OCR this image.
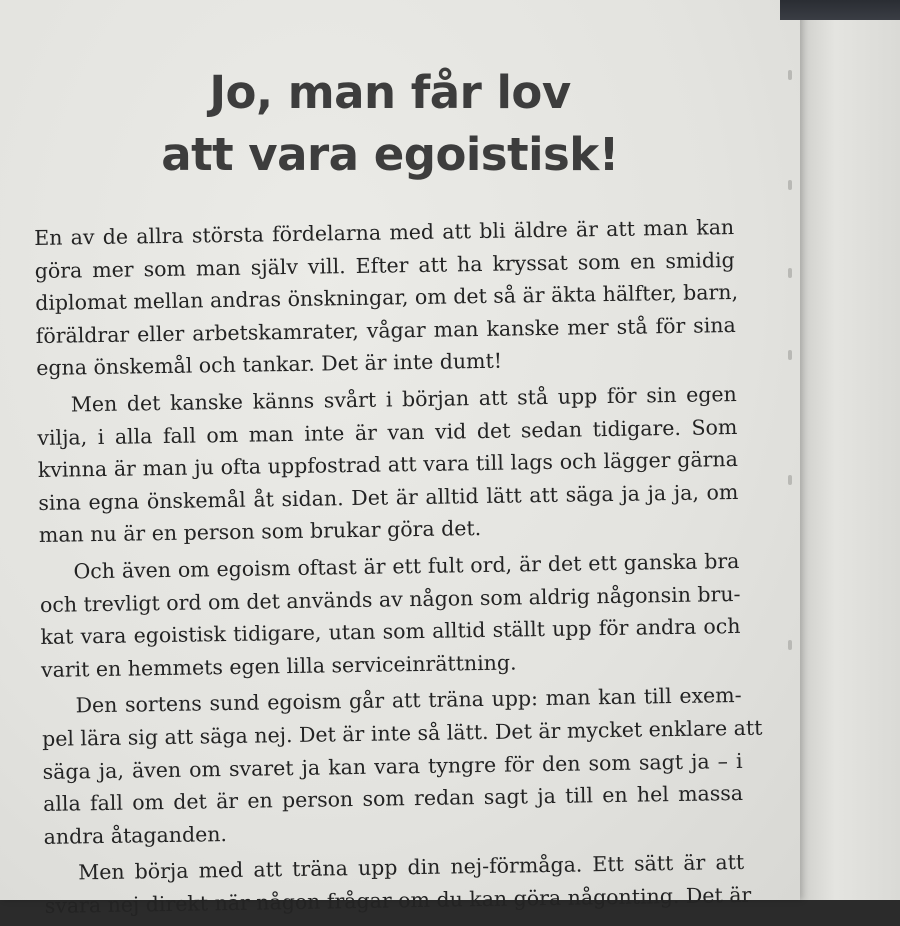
Jo, man får lov
att vara egoistisk!

En av de allra största fördelarna med att bli äldre är att man kan
göra mer som man själv vill. Efter att ha kryssat som en smidig
diplomat mellan andras önskningar, om det så är äkta hälfter, barn,
föräldrar eller arbetskamrater, vågar man kanske mer stå för sina
egna önskemål och tankar. Det är inte dumt!

Men det kanske känns svårt i början att stå upp för sin egen
vilja, i alla fall om man inte är van vid det sedan tidigare. Som
kvinna är man ju ofta uppfostrad att vara till lags och lägger gärna
sina egna önskemål åt sidan. Det är alltid lätt att säga ja ja ja, om
man nu är en person som brukar göra det.

Och även om egoism oftast är ett fult ord, är det ett ganska bra
och trevligt ord om det används av någon som aldrig någonsin bru-
kat vara egoistisk tidigare, utan som alltid ställt upp för andra och
varit en hemmets egen lilla serviceinrättning.

Den sortens sund egoism går att träna upp: man kan till exem-
pel lära sig att säga nej. Det är inte så lätt. Det är mycket enklare att
säga ja, även om svaret ja kan vara tyngre för den som sagt ja – i
alla fall om det är en person som redan sagt ja till en hel massa
andra åtaganden.

Men börja med att träna upp din nej-förmåga. Ett sätt är att
svara nej direkt när någon frågar om du kan göra någonting. Det är
